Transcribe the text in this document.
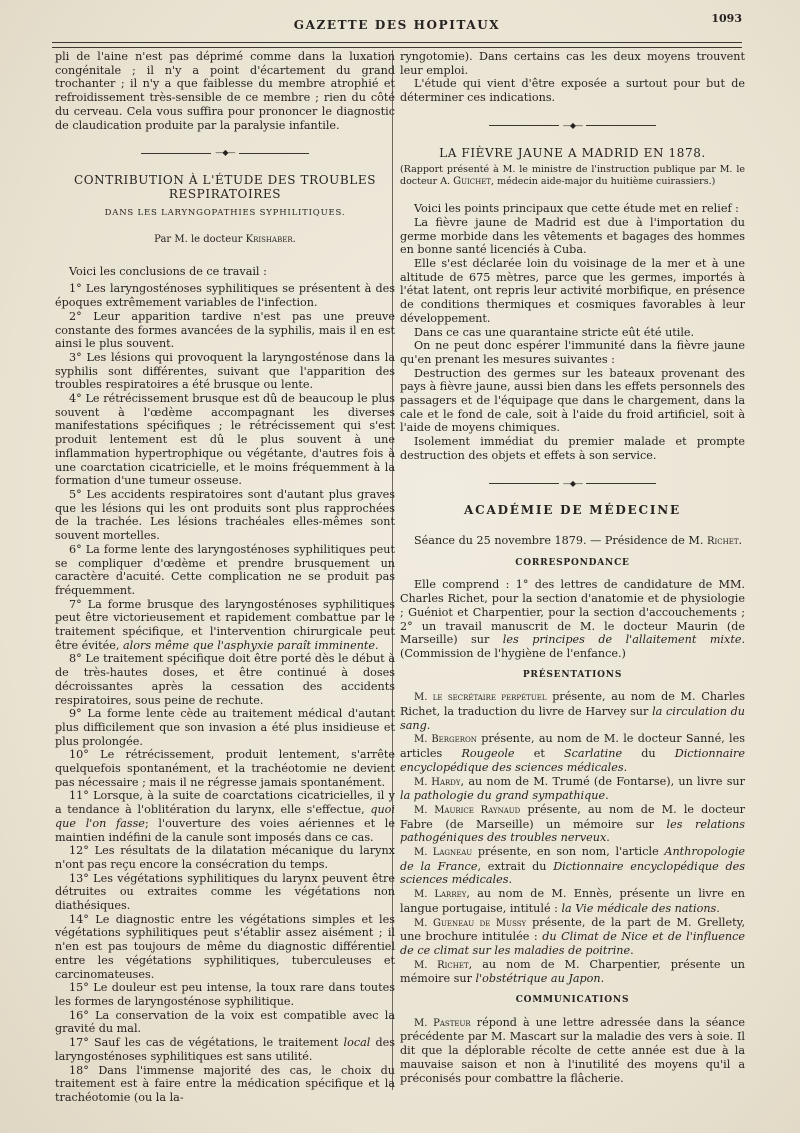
GAZETTE DES HOPITAUX	1093

pli de l'aine n'est pas déprimé comme dans la luxation congénitale ; il n'y a point d'écartement du grand trochanter ; il n'y a que faiblesse du membre atrophié et refroidissement très-sensible de ce membre ; rien du côté du cerveau. Cela vous suffira pour prononcer le diagnostic de claudication produite par la paralysie infantile.

—◆—
CONTRIBUTION À L'ÉTUDE DES TROUBLES RESPIRATOIRES
DANS LES LARYNGOPATHIES SYPHILITIQUES.
Par M. le docteur Krishaber.

Voici les conclusions de ce travail :

1° Les laryngosténoses syphilitiques se présentent à des époques extrêmement variables de l'infection.

2° Leur apparition tardive n'est pas une preuve constante des formes avancées de la syphilis, mais il en est ainsi le plus souvent.

3° Les lésions qui provoquent la laryngosténose dans la syphilis sont différentes, suivant que l'apparition des troubles respiratoires a été brusque ou lente.

4° Le rétrécissement brusque est dû de beaucoup le plus souvent à l'œdème accompagnant les diverses manifestations spécifiques ; le rétrécissement qui s'est produit lentement est dû le plus souvent à une inflammation hypertrophique ou végétante, d'autres fois à une coarctation cicatricielle, et le moins fréquemment à la formation d'une tumeur osseuse.

5° Les accidents respiratoires sont d'autant plus graves que les lésions qui les ont produits sont plus rapprochées de la trachée. Les lésions trachéales elles-mêmes sont souvent mortelles.

6° La forme lente des laryngosténoses syphilitiques peut se compliquer d'œdème et prendre brusquement un caractère d'acuité. Cette complication ne se produit pas fréquemment.

7° La forme brusque des laryngosténoses syphilitiques peut être victorieusement et rapidement combattue par le traitement spécifique, et l'intervention chirurgicale peut être évitée, alors même que l'asphyxie paraît imminente.

8° Le traitement spécifique doit être porté dès le début à de très-hautes doses, et être continué à doses décroissantes après la cessation des accidents respiratoires, sous peine de rechute.

9° La forme lente cède au traitement médical d'autant plus difficilement que son invasion a été plus insidieuse et plus prolongée.

10° Le rétrécissement, produit lentement, s'arrête quelquefois spontanément, et la trachéotomie ne devient pas nécessaire ; mais il ne régresse jamais spontanément.

11° Lorsque, à la suite de coarctations cicatricielles, il y a tendance à l'oblitération du larynx, elle s'effectue, quoi que l'on fasse; l'ouverture des voies aériennes et le maintien indéfini de la canule sont imposés dans ce cas.

12° Les résultats de la dilatation mécanique du larynx n'ont pas reçu encore la consécration du temps.

13° Les végétations syphilitiques du larynx peuvent être détruites ou extraites comme les végétations non diathésiques.

14° Le diagnostic entre les végétations simples et les végétations syphilitiques peut s'établir assez aisément ; il n'en est pas toujours de même du diagnostic différentiel entre les végétations syphilitiques, tuberculeuses et carcinomateuses.

15° Le douleur est peu intense, la toux rare dans toutes les formes de laryngosténose syphilitique.

16° La conservation de la voix est compatible avec la gravité du mal.

17° Sauf les cas de végétations, le traitement local des laryngosténoses syphilitiques est sans utilité.

18° Dans l'immense majorité des cas, le choix du traitement est à faire entre la médication spécifique et la trachéotomie (ou la la-

ryngotomie). Dans certains cas les deux moyens trouvent leur emploi.

L'étude qui vient d'être exposée a surtout pour but de déterminer ces indications.

—◆—
LA FIÈVRE JAUNE A MADRID EN 1878.

(Rapport présenté à M. le ministre de l'instruction publique par M. le docteur A. Guichet, médecin aide-major du huitième cuirassiers.)

Voici les points principaux que cette étude met en relief :

La fièvre jaune de Madrid est due à l'importation du germe morbide dans les vêtements et bagages des hommes en bonne santé licenciés à Cuba.

Elle s'est déclarée loin du voisinage de la mer et à une altitude de 675 mètres, parce que les germes, importés à l'état latent, ont repris leur activité morbifique, en présence de conditions thermiques et cosmiques favorables à leur développement.

Dans ce cas une quarantaine stricte eût été utile.

On ne peut donc espérer l'immunité dans la fièvre jaune qu'en prenant les mesures suivantes :

Destruction des germes sur les bateaux provenant des pays à fièvre jaune, aussi bien dans les effets personnels des passagers et de l'équipage que dans le chargement, dans la cale et le fond de cale, soit à l'aide du froid artificiel, soit à l'aide de moyens chimiques.

Isolement immédiat du premier malade et prompte destruction des objets et effets à son service.

—◆—
ACADÉMIE DE MÉDECINE

Séance du 25 novembre 1879. — Présidence de M. Richet.

CORRESPONDANCE

Elle comprend : 1° des lettres de candidature de MM. Charles Richet, pour la section d'anatomie et de physiologie ; Guéniot et Charpentier, pour la section d'accouchements ; 2° un travail manuscrit de M. le docteur Maurin (de Marseille) sur les principes de l'allaitement mixte. (Commission de l'hygiène de l'enfance.)

PRÉSENTATIONS

M. le secrétaire perpétuel présente, au nom de M. Charles Richet, la traduction du livre de Harvey sur la circulation du sang.

M. Bergeron présente, au nom de M. le docteur Sanné, les articles Rougeole et Scarlatine du Dictionnaire encyclopédique des sciences médicales.

M. Hardy, au nom de M. Trumé (de Fontarse), un livre sur la pathologie du grand sympathique.

M. Maurice Raynaud présente, au nom de M. le docteur Fabre (de Marseille) un mémoire sur les relations pathogéniques des troubles nerveux.

M. Lagneau présente, en son nom, l'article Anthropologie de la France, extrait du Dictionnaire encyclopédique des sciences médicales.

M. Larrey, au nom de M. Ennès, présente un livre en langue portugaise, intitulé : la Vie médicale des nations.

M. Gueneau de Mussy présente, de la part de M. Grellety, une brochure intitulée : du Climat de Nice et de l'influence de ce climat sur les maladies de poitrine.

M. Richet, au nom de M. Charpentier, présente un mémoire sur l'obstétrique au Japon.

COMMUNICATIONS

M. Pasteur répond à une lettre adressée dans la séance précédente par M. Mascart sur la maladie des vers à soie. Il dit que la déplorable récolte de cette année est due à la mauvaise saison et non à l'inutilité des moyens qu'il a préconisés pour combattre la flâcherie.
